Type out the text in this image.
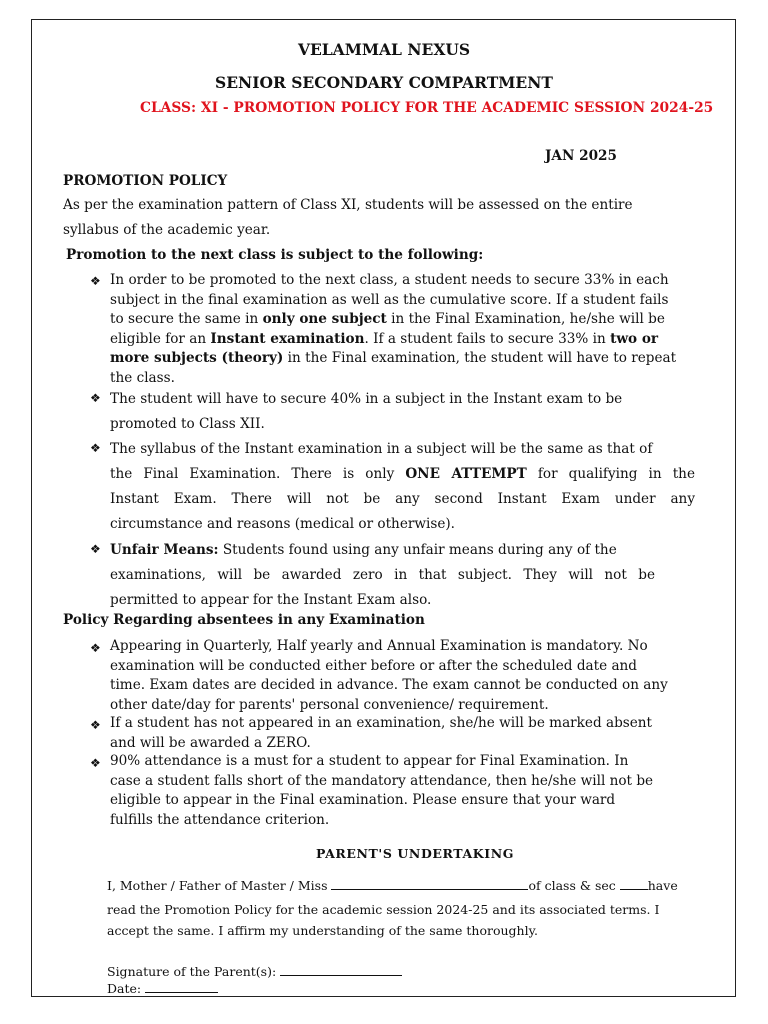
VELAMMAL NEXUS
SENIOR SECONDARY COMPARTMENT
CLASS: XI - PROMOTION POLICY FOR THE ACADEMIC SESSION 2024-25
JAN 2025
PROMOTION POLICY
As per the examination pattern of Class XI, students will be assessed on the entire
syllabus of the academic year.
Promotion to the next class is subject to the following:
❖ In order to be promoted to the next class, a student needs to secure 33% in each
subject in the final examination as well as the cumulative score. If a student fails
to secure the same in only one subject in the Final Examination, he/she will be
eligible for an Instant examination. If a student fails to secure 33% in two or
more subjects (theory) in the Final examination, the student will have to repeat
the class.
❖ The student will have to secure 40% in a subject in the Instant exam to be
promoted to Class XII.
❖ The syllabus of the Instant examination in a subject will be the same as that of
the Final Examination. There is only ONE ATTEMPT for qualifying in the
Instant Exam. There will not be any second Instant Exam under any
circumstance and reasons (medical or otherwise).
❖ Unfair Means: Students found using any unfair means during any of the
examinations, will be awarded zero in that subject. They will not be
permitted to appear for the Instant Exam also.
Policy Regarding absentees in any Examination
❖ Appearing in Quarterly, Half yearly and Annual Examination is mandatory. No
examination will be conducted either before or after the scheduled date and
time. Exam dates are decided in advance. The exam cannot be conducted on any
other date/day for parents' personal convenience/ requirement.
❖ If a student has not appeared in an examination, she/he will be marked absent
and will be awarded a ZERO.
❖ 90% attendance is a must for a student to appear for Final Examination. In
case a student falls short of the mandatory attendance, then he/she will not be
eligible to appear in the Final examination. Please ensure that your ward
fulfills the attendance criterion.
PARENT'S UNDERTAKING
I, Mother / Father of Master / Miss	of class & sec have
read the Promotion Policy for the academic session 2024-25 and its associated terms. I
accept the same. I affirm my understanding of the same thoroughly.
Signature of the Parent(s):
Date:
